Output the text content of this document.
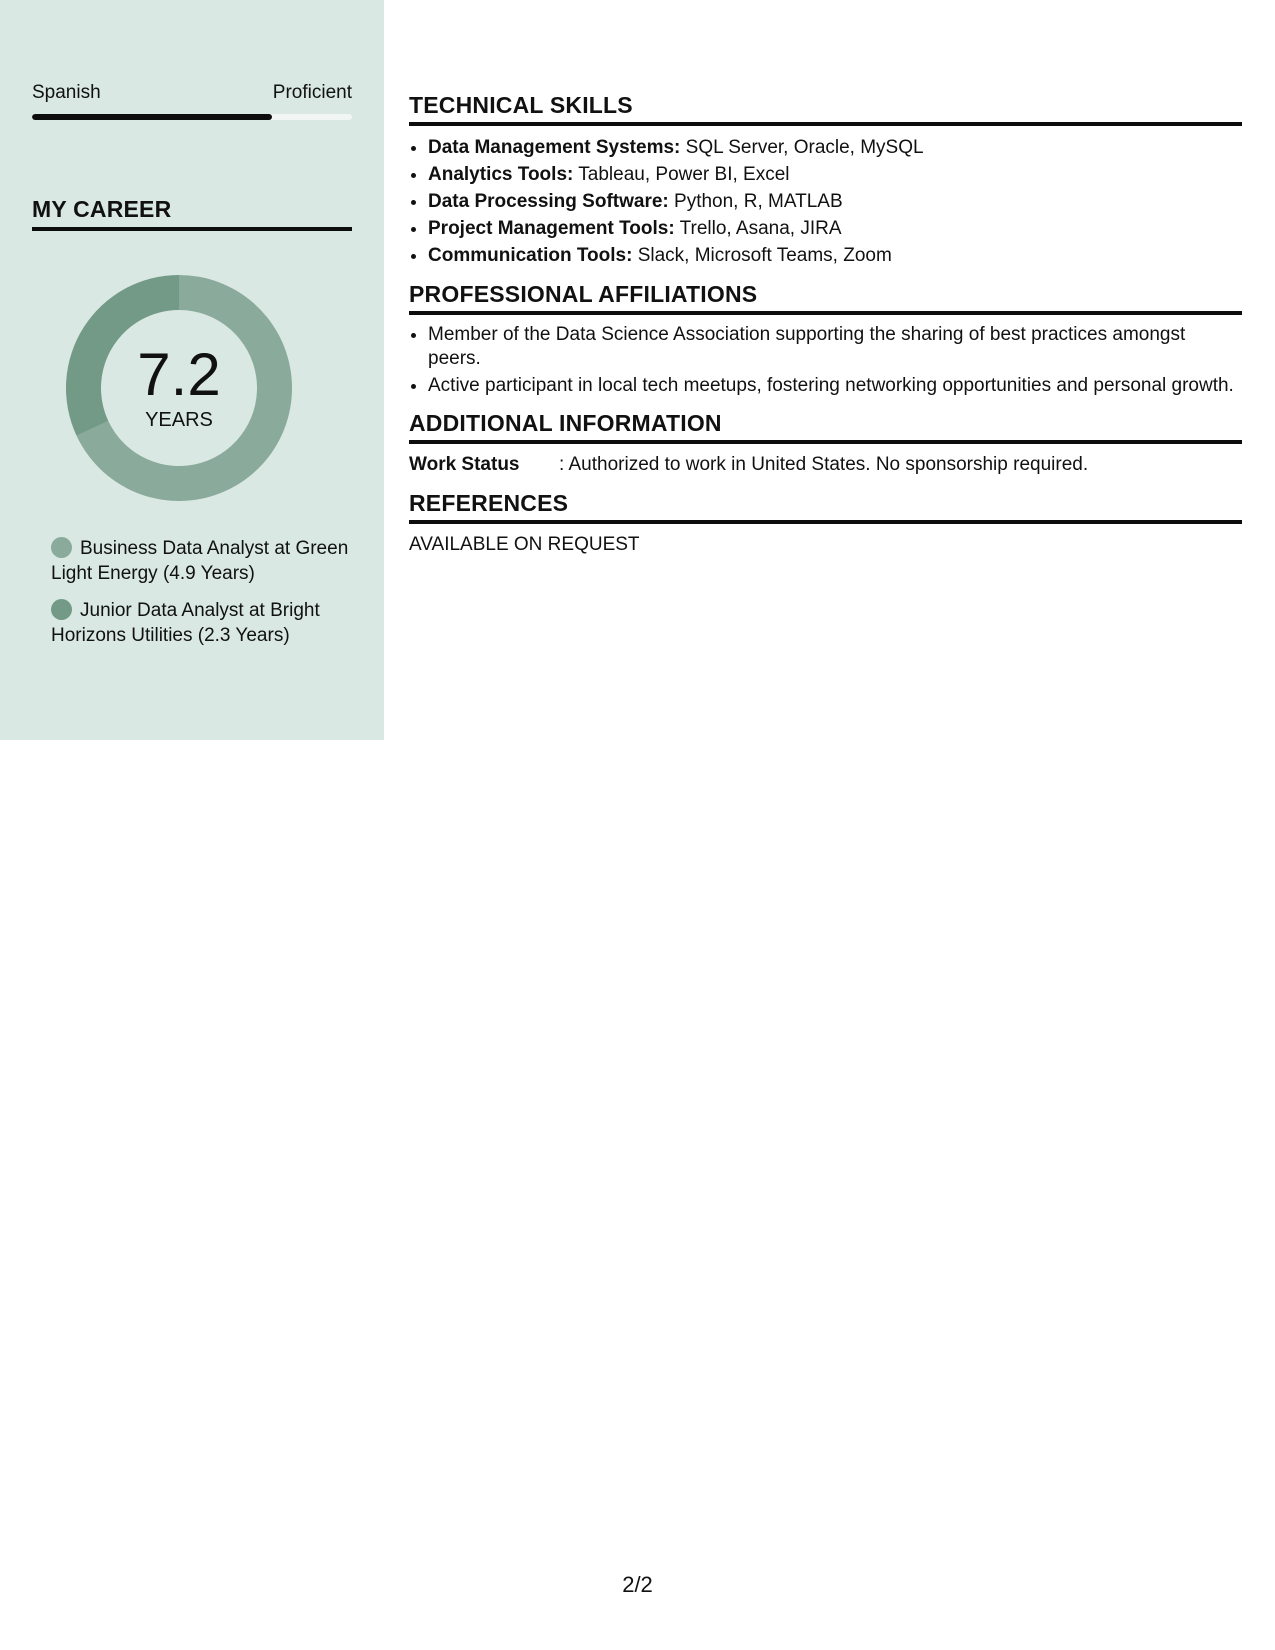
Spanish	Proficient
MY CAREER
7.2
YEARS
Business Data Analyst at Green Light Energy (4.9 Years)
Junior Data Analyst at Bright Horizons Utilities (2.3 Years)
TECHNICAL SKILLS
• Data Management Systems: SQL Server, Oracle, MySQL
• Analytics Tools: Tableau, Power BI, Excel
• Data Processing Software: Python, R, MATLAB
• Project Management Tools: Trello, Asana, JIRA
• Communication Tools: Slack, Microsoft Teams, Zoom
PROFESSIONAL AFFILIATIONS
• Member of the Data Science Association supporting the sharing of best practices amongst peers.
• Active participant in local tech meetups, fostering networking opportunities and personal growth.
ADDITIONAL INFORMATION
Work Status	: Authorized to work in United States. No sponsorship required.
REFERENCES
AVAILABLE ON REQUEST
2/2
